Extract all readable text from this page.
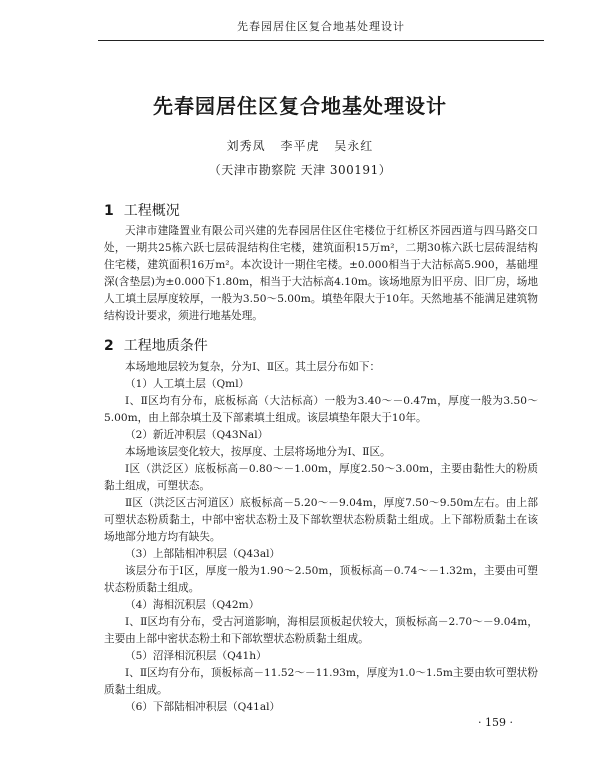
先春园居住区复合地基处理设计
先春园居住区复合地基处理设计
刘秀凤 李平虎 吴永红
（天津市勘察院 天津 300191）
1 工程概况

天津市建隆置业有限公司兴建的先春园居住区住宅楼位于红桥区芥园西道与四马路交口处，一期共25栋六跃七层砖混结构住宅楼，建筑面积15万m²，二期30栋六跃七层砖混结构住宅楼，建筑面积16万m²。本次设计一期住宅楼。±0.000相当于大沽标高5.900，基础埋深(含垫层)为±0.000下1.80m，相当于大沽标高4.10m。该场地原为旧平房、旧厂房，场地人工填土层厚度较厚，一般为3.50～5.00m。填垫年限大于10年。天然地基不能满足建筑物结构设计要求，须进行地基处理。

2 工程地质条件

本场地地层较为复杂，分为Ⅰ、Ⅱ区。其土层分布如下：

（1）人工填土层（Qml）

Ⅰ、Ⅱ区均有分布，底板标高（大沽标高）一般为3.40～－0.47m，厚度一般为3.50～5.00m，由上部杂填土及下部素填土组成。该层填垫年限大于10年。

（2）新近冲积层（Q43Nal）

本场地该层变化较大，按厚度、土层将场地分为Ⅰ、Ⅱ区。

Ⅰ区（洪泛区）底板标高－0.80～－1.00m，厚度2.50～3.00m，主要由黏性大的粉质黏土组成，可塑状态。

Ⅱ区（洪泛区古河道区）底板标高－5.20～－9.04m，厚度7.50～9.50m左右。由上部可塑状态粉质黏土，中部中密状态粉土及下部软塑状态粉质黏土组成。上下部粉质黏土在该场地部分地方均有缺失。

（3）上部陆相冲积层（Q43al）

该层分布于Ⅰ区，厚度一般为1.90～2.50m，顶板标高－0.74～－1.32m，主要由可塑状态粉质黏土组成。

（4）海相沉积层（Q42m）

Ⅰ、Ⅱ区均有分布，受古河道影响，海相层顶板起伏较大，顶板标高－2.70～－9.04m，主要由上部中密状态粉土和下部软塑状态粉质黏土组成。

（5）沼泽相沉积层（Q41h）

Ⅰ、Ⅱ区均有分布，顶板标高－11.52～－11.93m，厚度为1.0～1.5m主要由软可塑状粉质黏土组成。

（6）下部陆相冲积层（Q41al）

· 159 ·
